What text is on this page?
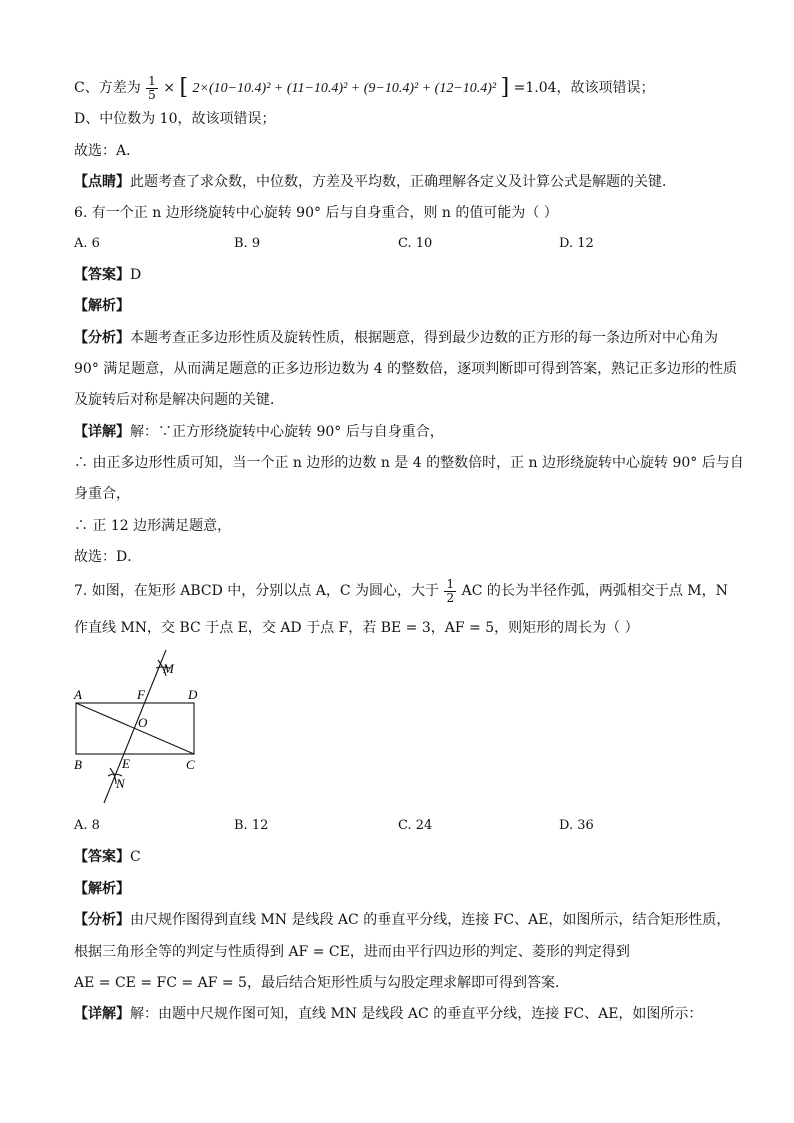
C、方差为 $\frac{1}{5}$ × [ 2×(10−10.4)² + (11−10.4)² + (9−10.4)² + (12−10.4)² ] =1.04，故该项错误；
D、中位数为 10，故该项错误；
故选：A．
【点睛】此题考查了求众数，中位数，方差及平均数，正确理解各定义及计算公式是解题的关键．
6. 有一个正 n 边形绕旋转中心旋转 90° 后与自身重合，则 n 的值可能为（ ）
A. 6	B. 9	C. 10	D. 12
【答案】D
【解析】
【分析】本题考查正多边形性质及旋转性质，根据题意，得到最少边数的正方形的每一条边所对中心角为
90° 满足题意，从而满足题意的正多边形边数为 4 的整数倍，逐项判断即可得到答案，熟记正多边形的性质
及旋转后对称是解决问题的关键．
【详解】解：∵正方形绕旋转中心旋转 90° 后与自身重合，
∴ 由正多边形性质可知，当一个正 n 边形的边数 n 是 4 的整数倍时，正 n 边形绕旋转中心旋转 90° 后与自
身重合，
∴ 正 12 边形满足题意，
故选：D．
7. 如图，在矩形 ABCD 中，分别以点 A，C 为圆心，大于 $\frac{1}{2}$ AC 的长为半径作弧，两弧相交于点 M，N
作直线 MN，交 BC 于点 E，交 AD 于点 F，若 BE = 3，AF = 5，则矩形的周长为（ ）
A
B	C
D
E
F
M
N
O
A. 8	B. 12	C. 24	D. 36
【答案】C
【解析】
【分析】由尺规作图得到直线 MN 是线段 AC 的垂直平分线，连接 FC、AE，如图所示，结合矩形性质，
根据三角形全等的判定与性质得到 AF = CE，进而由平行四边形的判定、菱形的判定得到
AE = CE = FC = AF = 5，最后结合矩形性质与勾股定理求解即可得到答案．
【详解】解：由题中尺规作图可知，直线 MN 是线段 AC 的垂直平分线，连接 FC、AE，如图所示：
